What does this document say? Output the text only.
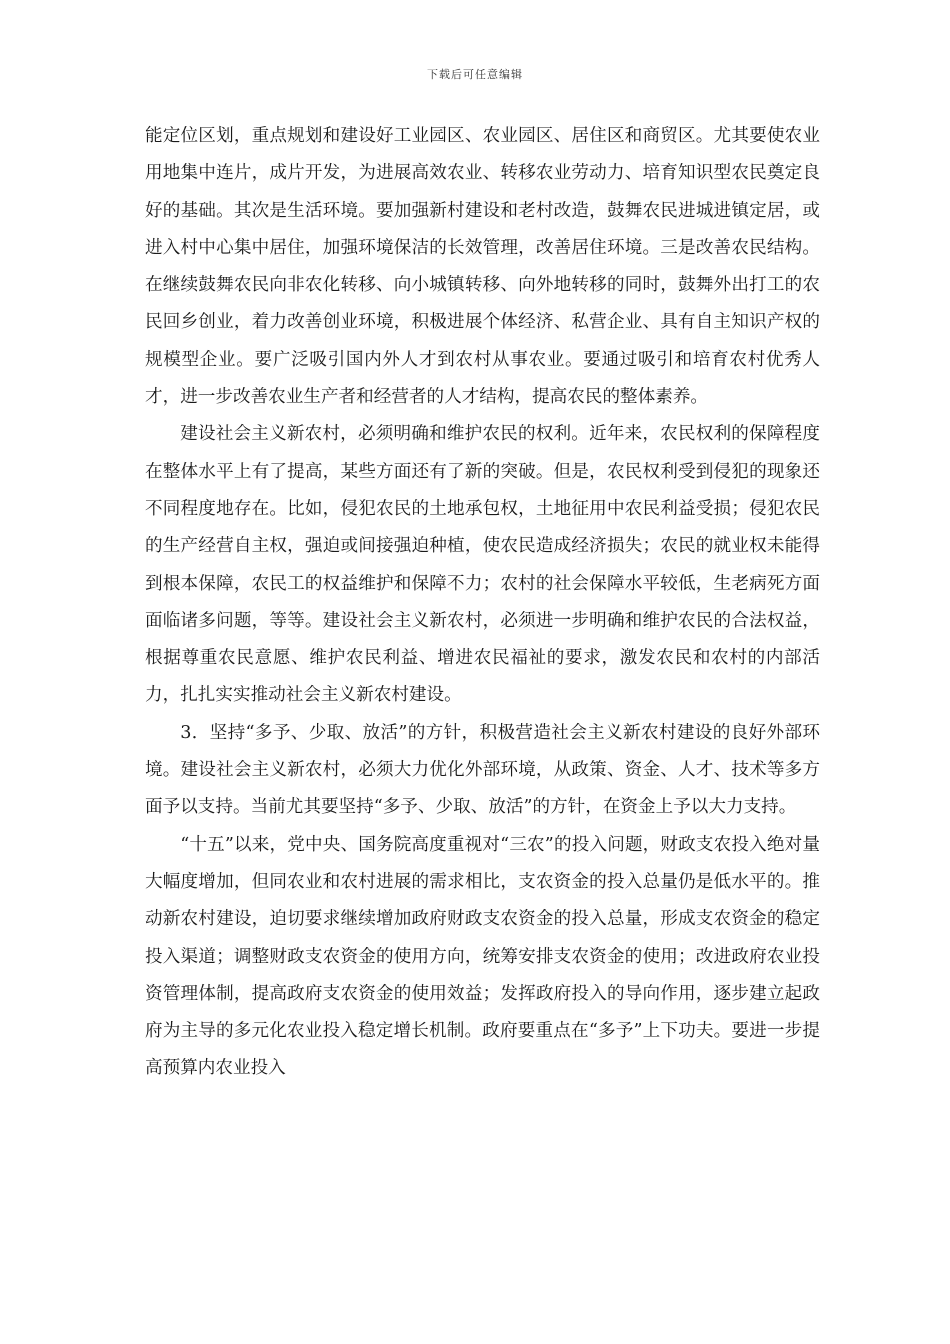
下载后可任意编辑

能定位区划，重点规划和建设好工业园区、农业园区、居住区和商贸区。尤其要使农业用地集中连片，成片开发，为进展高效农业、转移农业劳动力、培育知识型农民奠定良好的基础。其次是生活环境。要加强新村建设和老村改造，鼓舞农民进城进镇定居，或进入村中心集中居住，加强环境保洁的长效管理，改善居住环境。三是改善农民结构。在继续鼓舞农民向非农化转移、向小城镇转移、向外地转移的同时，鼓舞外出打工的农民回乡创业，着力改善创业环境，积极进展个体经济、私营企业、具有自主知识产权的规模型企业。要广泛吸引国内外人才到农村从事农业。要通过吸引和培育农村优秀人才，进一步改善农业生产者和经营者的人才结构，提高农民的整体素养。

建设社会主义新农村，必须明确和维护农民的权利。近年来，农民权利的保障程度在整体水平上有了提高，某些方面还有了新的突破。但是，农民权利受到侵犯的现象还不同程度地存在。比如，侵犯农民的土地承包权，土地征用中农民利益受损；侵犯农民的生产经营自主权，强迫或间接强迫种植，使农民造成经济损失；农民的就业权未能得到根本保障，农民工的权益维护和保障不力；农村的社会保障水平较低，生老病死方面面临诸多问题，等等。建设社会主义新农村，必须进一步明确和维护农民的合法权益，根据尊重农民意愿、维护农民利益、增进农民福祉的要求，激发农民和农村的内部活力，扎扎实实推动社会主义新农村建设。

3．坚持“多予、少取、放活”的方针，积极营造社会主义新农村建设的良好外部环境。建设社会主义新农村，必须大力优化外部环境，从政策、资金、人才、技术等多方面予以支持。当前尤其要坚持“多予、少取、放活”的方针，在资金上予以大力支持。

“十五”以来，党中央、国务院高度重视对“三农”的投入问题，财政支农投入绝对量大幅度增加，但同农业和农村进展的需求相比，支农资金的投入总量仍是低水平的。推动新农村建设，迫切要求继续增加政府财政支农资金的投入总量，形成支农资金的稳定投入渠道；调整财政支农资金的使用方向，统筹安排支农资金的使用；改进政府农业投资管理体制，提高政府支农资金的使用效益；发挥政府投入的导向作用，逐步建立起政府为主导的多元化农业投入稳定增长机制。政府要重点在“多予”上下功夫。要进一步提高预算内农业投入
